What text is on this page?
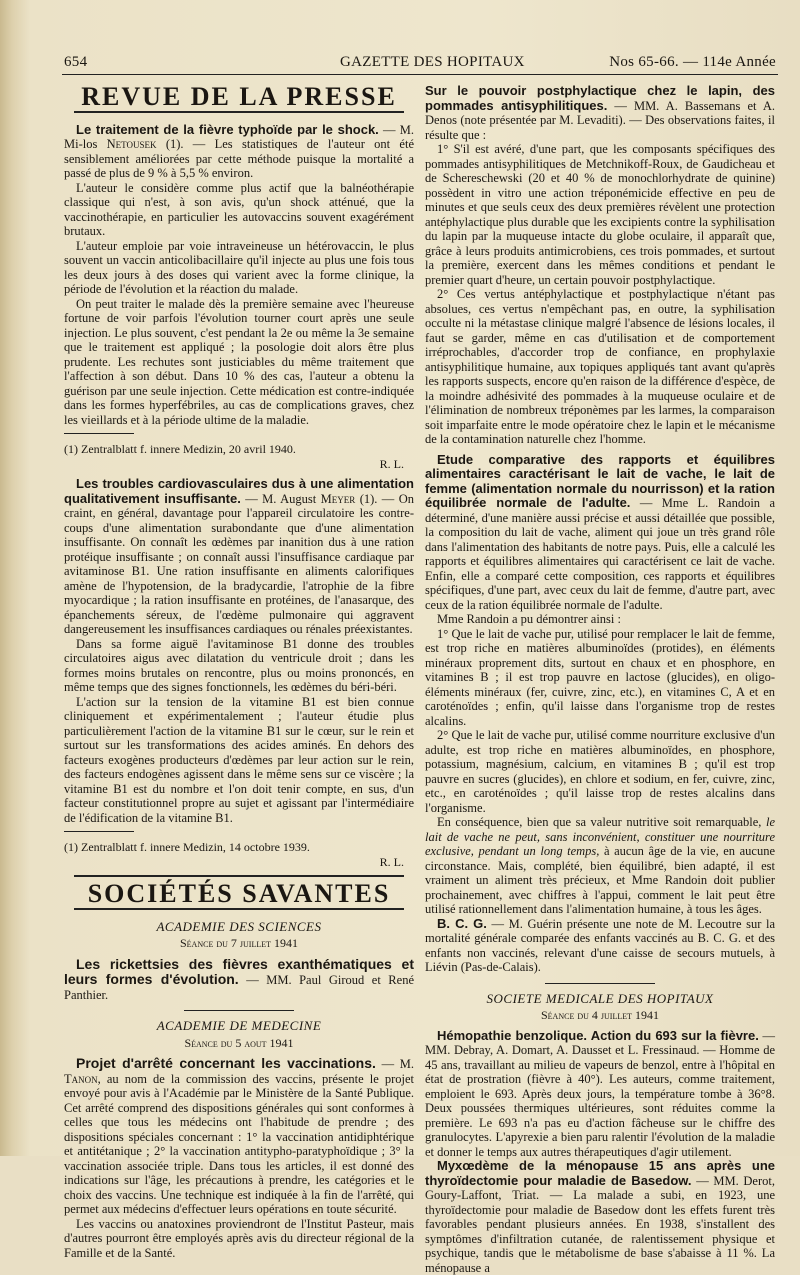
654	GAZETTE DES HOPITAUX	Nos 65-66. — 114e Année
REVUE DE LA PRESSE

Le traitement de la fièvre typhoïde par le shock. — M. Mi-los Netousek (1). — Les statistiques de l'auteur ont été sensiblement améliorées par cette méthode puisque la mortalité a passé de plus de 9 % à 5,5 % environ.

L'auteur le considère comme plus actif que la balnéothérapie classique qui n'est, à son avis, qu'un shock atténué, que la vaccinothérapie, en particulier les autovaccins souvent exagérément brutaux.

L'auteur emploie par voie intraveineuse un hétérovaccin, le plus souvent un vaccin anticolibacillaire qu'il injecte au plus une fois tous les deux jours à des doses qui varient avec la forme clinique, la période de l'évolution et la réaction du malade.

On peut traiter le malade dès la première semaine avec l'heureuse fortune de voir parfois l'évolution tourner court après une seule injection. Le plus souvent, c'est pendant la 2e ou même la 3e semaine que le traitement est appliqué ; la posologie doit alors être plus prudente. Les rechutes sont justiciables du même traitement que l'affection à son début. Dans 10 % des cas, l'auteur a obtenu la guérison par une seule injection. Cette médication est contre-indiquée dans les formes hyperfébriles, au cas de complications graves, chez les vieillards et à la période ultime de la maladie.

(1) Zentralblatt f. innere Medizin, 20 avril 1940.

R. L.

Les troubles cardiovasculaires dus à une alimentation qualitativement insuffisante. — M. August Meyer (1). — On craint, en général, davantage pour l'appareil circulatoire les contre-coups d'une alimentation surabondante que d'une alimentation insuffisante. On connaît les œdèmes par inanition dus à une ration protéique insuffisante ; on connaît aussi l'insuffisance cardiaque par avitaminose B1. Une ration insuffisante en aliments calorifiques amène de l'hypotension, de la bradycardie, l'atrophie de la fibre myocardique ; la ration insuffisante en protéines, de l'anasarque, des épanchements séreux, de l'œdème pulmonaire qui aggravent dangereusement les insuffisances cardiaques ou rénales préexistantes.

Dans sa forme aiguë l'avitaminose B1 donne des troubles circulatoires aigus avec dilatation du ventricule droit ; dans les formes moins brutales on rencontre, plus ou moins prononcés, en même temps que des signes fonctionnels, les œdèmes du béri-béri.

L'action sur la tension de la vitamine B1 est bien connue cliniquement et expérimentalement ; l'auteur étudie plus particulièrement l'action de la vitamine B1 sur le cœur, sur le rein et surtout sur les transformations des acides aminés. En dehors des facteurs exogènes producteurs d'œdèmes par leur action sur le rein, des facteurs endogènes agissent dans le même sens sur ce viscère ; la vitamine B1 est du nombre et l'on doit tenir compte, en sus, d'un facteur constitutionnel propre au sujet et agissant par l'intermédiaire de l'édification de la vitamine B1.

(1) Zentralblatt f. innere Medizin, 14 octobre 1939.

R. L.
SOCIÉTÉS SAVANTES
ACADEMIE DES SCIENCES
Séance du 7 juillet 1941

Les rickettsies des fièvres exanthématiques et leurs formes d'évolution. — MM. Paul Giroud et René Panthier.

ACADEMIE DE MEDECINE
Séance du 5 aout 1941

Projet d'arrêté concernant les vaccinations. — M. Tanon, au nom de la commission des vaccins, présente le projet envoyé pour avis à l'Académie par le Ministère de la Santé Publique. Cet arrêté comprend des dispositions générales qui sont conformes à celles que tous les médecins ont l'habitude de prendre ; des dispositions spéciales concernant : 1° la vaccination antidiphtérique et antitétanique ; 2° la vaccination antitypho-paratyphoïdique ; 3° la vaccination associée triple. Dans tous les articles, il est donné des indications sur l'âge, les précautions à prendre, les catégories et le choix des vaccins. Une technique est indiquée à la fin de l'arrêté, qui permet aux médecins d'effectuer leurs opérations en toute sécurité.

Les vaccins ou anatoxines proviendront de l'Institut Pasteur, mais d'autres pourront être employés après avis du directeur régional de la Famille et de la Santé.

Sur le pouvoir postphylactique chez le lapin, des pommades antisyphilitiques. — MM. A. Bassemans et A. Denos (note présentée par M. Levaditi). — Des observations faites, il résulte que :

1° S'il est avéré, d'une part, que les composants spécifiques des pommades antisyphilitiques de Metchnikoff-Roux, de Gaudicheau et de Schereschewski (20 et 40 % de monochlorhydrate de quinine) possèdent in vitro une action tréponémicide effective en peu de minutes et que seuls ceux des deux premières révèlent une protection antéphylactique plus durable que les excipients contre la syphilisation du lapin par la muqueuse intacte du globe oculaire, il apparaît que, grâce à leurs produits antimicrobiens, ces trois pommades, et surtout la première, exercent dans les mêmes conditions et pendant le premier quart d'heure, un certain pouvoir postphylactique.

2° Ces vertus antéphylactique et postphylactique n'étant pas absolues, ces vertus n'empêchant pas, en outre, la syphilisation occulte ni la métastase clinique malgré l'absence de lésions locales, il faut se garder, même en cas d'utilisation et de comportement irréprochables, d'accorder trop de confiance, en prophylaxie antisyphilitique humaine, aux topiques appliqués tant avant qu'après les rapports suspects, encore qu'en raison de la différence d'espèce, de la moindre adhésivité des pommades à la muqueuse oculaire et de l'élimination de nombreux tréponèmes par les larmes, la comparaison soit imparfaite entre le mode opératoire chez le lapin et le mécanisme de la contamination naturelle chez l'homme.

Etude comparative des rapports et équilibres alimentaires caractérisant le lait de vache, le lait de femme (alimentation normale du nourrisson) et la ration équilibrée normale de l'adulte. — Mme L. Randoin a déterminé, d'une manière aussi précise et aussi détaillée que possible, la composition du lait de vache, aliment qui joue un très grand rôle dans l'alimentation des habitants de notre pays. Puis, elle a calculé les rapports et équilibres alimentaires qui caractérisent ce lait de vache. Enfin, elle a comparé cette composition, ces rapports et équilibres spécifiques, d'une part, avec ceux du lait de femme, d'autre part, avec ceux de la ration équilibrée normale de l'adulte.

Mme Randoin a pu démontrer ainsi :

1° Que le lait de vache pur, utilisé pour remplacer le lait de femme, est trop riche en matières albuminoïdes (protides), en éléments minéraux proprement dits, surtout en chaux et en phosphore, en vitamines B ; il est trop pauvre en lactose (glucides), en oligo-éléments minéraux (fer, cuivre, zinc, etc.), en vitamines C, A et en caroténoïdes ; enfin, qu'il laisse dans l'organisme trop de restes alcalins.

2° Que le lait de vache pur, utilisé comme nourriture exclusive d'un adulte, est trop riche en matières albuminoïdes, en phosphore, potassium, magnésium, calcium, en vitamines B ; qu'il est trop pauvre en sucres (glucides), en chlore et sodium, en fer, cuivre, zinc, etc., en caroténoïdes ; qu'il laisse trop de restes alcalins dans l'organisme.

En conséquence, bien que sa valeur nutritive soit remarquable, le lait de vache ne peut, sans inconvénient, constituer une nourriture exclusive, pendant un long temps, à aucun âge de la vie, en aucune circonstance. Mais, complété, bien équilibré, bien adapté, il est vraiment un aliment très précieux, et Mme Randoin doit publier prochainement, avec chiffres à l'appui, comment le lait peut être utilisé rationnellement dans l'alimentation humaine, à tous les âges.

B. C. G. — M. Guérin présente une note de M. Lecoutre sur la mortalité générale comparée des enfants vaccinés au B. C. G. et des enfants non vaccinés, relevant d'une caisse de secours mutuels, à Liévin (Pas-de-Calais).

SOCIETE MEDICALE DES HOPITAUX
Séance du 4 juillet 1941

Hémopathie benzolique. Action du 693 sur la fièvre. — MM. Debray, A. Domart, A. Dausset et L. Fressinaud. — Homme de 45 ans, travaillant au milieu de vapeurs de benzol, entre à l'hôpital en état de prostration (fièvre à 40°). Les auteurs, comme traitement, emploient le 693. Après deux jours, la température tombe à 36°8. Deux poussées thermiques ultérieures, sont réduites comme la première. Le 693 n'a pas eu d'action fâcheuse sur le chiffre des granulocytes. L'apyrexie a bien paru ralentir l'évolution de la maladie et donner le temps aux autres thérapeutiques d'agir utilement.

Myxœdème de la ménopause 15 ans après une thyroïdectomie pour maladie de Basedow. — MM. Derot, Goury-Laffont, Triat. — La malade a subi, en 1923, une thyroïdectomie pour maladie de Basedow dont les effets furent très favorables pendant plusieurs années. En 1938, s'installent des symptômes d'infiltration cutanée, de ralentissement physique et psychique, tandis que le métabolisme de base s'abaisse à 11 %. La ménopause a
